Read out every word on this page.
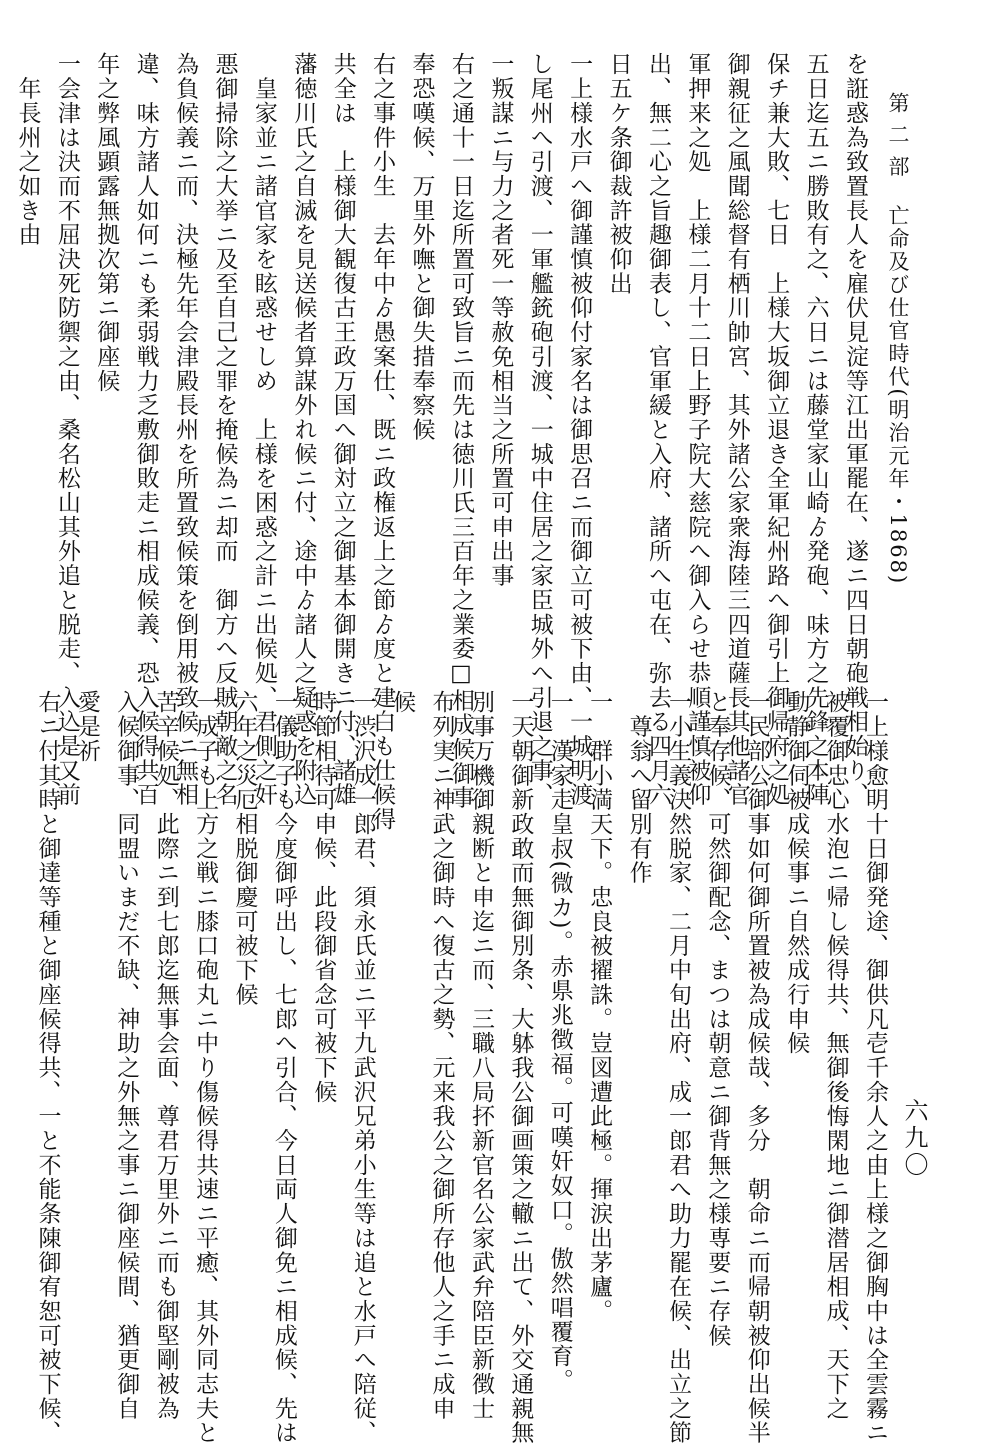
第 二 部亡命及び仕官時代(明治元年・1868)
六九〇
を誑惑為致置長人を雇伏見淀等江出軍罷在、遂ニ四日朝砲戦相始り、
五日迄五ニ勝敗有之、六日ニは藤堂家山崎ゟ発砲、味方之先鋒之本陣
保チ兼大敗、七日　上様大坂御立退き全軍紀州路へ御引上御帰府之処
御親征之風聞総督有栖川帥宮、其外諸公家衆海陸三四道薩長其他諸官
軍押来之処　上様二月十二日上野子院大慈院へ御入らせ恭順謹慎被仰
出、無二心之旨趣御表し、官軍緩と入府、諸所へ屯在、弥去る四月六
日五ケ条御裁許被仰出
一上様水戸へ御謹慎被仰付家名は御思召ニ而御立可被下由、一城明渡
し尾州へ引渡、一軍艦銃砲引渡、一城中住居之家臣城外へ引退之事、
一叛謀ニ与力之者死一等赦免相当之所置可申出事
右之通十一日迄所置可致旨ニ而先は徳川氏三百年之業委□相成候御事
奉恐嘆候、万里外嘸と御失措奉察候
右之事件小生　去年中ゟ愚案仕、既ニ政権返上之節ゟ度と建白も仕候得
共全は　上様御大観復古王政万国へ御対立之御基本御開きニ付、諸雄
藩徳川氏之自滅を見送候者算謀外れ候ニ付、途中ゟ諸人之疑惑を附込
　皇家並ニ諸官家を眩惑せしめ　上様を困惑之計ニ出候処、君側之奸
悪御掃除之大挙ニ及至自己之罪を掩候為ニ却而　御方へ反賊朝敵之名
為負候義ニ而、決極先年会津殿長州を所置致候策を倒用被致候ニ無相
違、味方諸人如何ニも柔弱戦力乏敷御敗走ニ相成候義、恐入候得共百
年之弊風顕露無拠次第ニ御座候
一会津は決而不屈決死防禦之由、桑名松山其外追と脱走、入込是又前
　年長州之如き由
一上様愈明十日御発途、御供凡壱千余人之由上様之御胸中は全雲霧ニ
被覆御忠心水泡ニ帰し候得共、無御後悔閑地ニ御潜居相成、天下之
動静御伺被成候事ニ自然成行申候
一民部公御事如何御所置被為成候哉、多分　朝命ニ而帰朝被仰出候半
と奉存候、可然御配念、まつは朝意ニ御背無之様専要ニ存候
一小生義決然脱家、二月中旬出府、成一郎君へ助力罷在候、出立之節
　尊翁へ留別有作
一　群小満天下。忠良被擢誅。豈図遭此極。揮涙出茅廬。
一　漢家走皇叔(微カ)。赤県兆徴福。可嘆奸奴口。傲然唱覆育。
一天朝御新政敢而無御別条、大躰我公御画策之轍ニ出て、外交通親無
別事万機御親断と申迄ニ而、三職八局抔新官名公家武弁陪臣新徴士
布列実ニ神武之御時へ復古之勢、元来我公之御所存他人之手ニ成申
候
一渋沢成一郎君、須永氏並ニ平九武沢兄弟小生等は追と水戸へ陪従、
時節相待可申候、此段御省念可被下候
一儀助子も今度御呼出し、七郎へ引合、今日両人御免ニ相成候、先は
六年之災厄相脱御慶可被下候
一成子も上方之戦ニ膝口砲丸ニ中り傷候得共速ニ平癒、其外同志夫と
苦辛候処、此際ニ到七郎迄無事会面、尊君万里外ニ而も御堅剛被為
入候御事、同盟いまだ不缺、神助之外無之事ニ御座候間、猶更御自
愛是祈
右ニ付其時と御達等種と御座候得共、一と不能条陳御宥恕可被下候、
